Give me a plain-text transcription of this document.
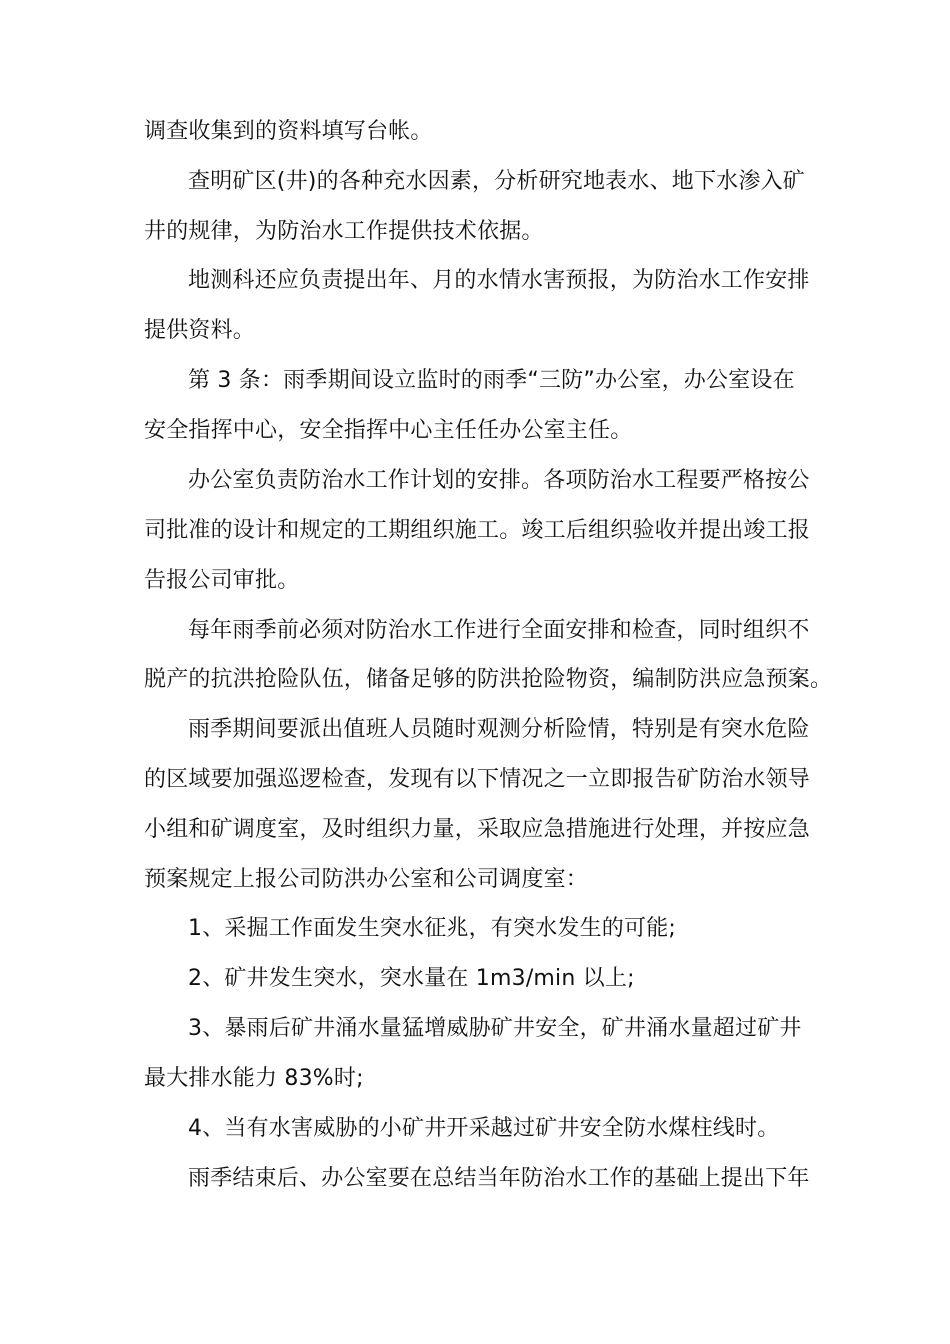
调查收集到的资料填写台帐。
查明矿区(井)的各种充水因素，分析研究地表水、地下水渗入矿
井的规律，为防治水工作提供技术依据。
地测科还应负责提出年、月的水情水害预报，为防治水工作安排
提供资料。
第 3 条：雨季期间设立监时的雨季“三防”办公室，办公室设在
安全指挥中心，安全指挥中心主任任办公室主任。
办公室负责防治水工作计划的安排。各项防治水工程要严格按公
司批准的设计和规定的工期组织施工。竣工后组织验收并提出竣工报
告报公司审批。
每年雨季前必须对防治水工作进行全面安排和检查，同时组织不
脱产的抗洪抢险队伍，储备足够的防洪抢险物资，编制防洪应急预案。
雨季期间要派出值班人员随时观测分析险情，特别是有突水危险
的区域要加强巡逻检查，发现有以下情况之一立即报告矿防治水领导
小组和矿调度室，及时组织力量，采取应急措施进行处理，并按应急
预案规定上报公司防洪办公室和公司调度室：
1、采掘工作面发生突水征兆，有突水发生的可能;
2、矿井发生突水，突水量在 1m3/min 以上;
3、暴雨后矿井涌水量猛增威胁矿井安全，矿井涌水量超过矿井
最大排水能力 83%时;
4、当有水害威胁的小矿井开采越过矿井安全防水煤柱线时。
雨季结束后、办公室要在总结当年防治水工作的基础上提出下年
